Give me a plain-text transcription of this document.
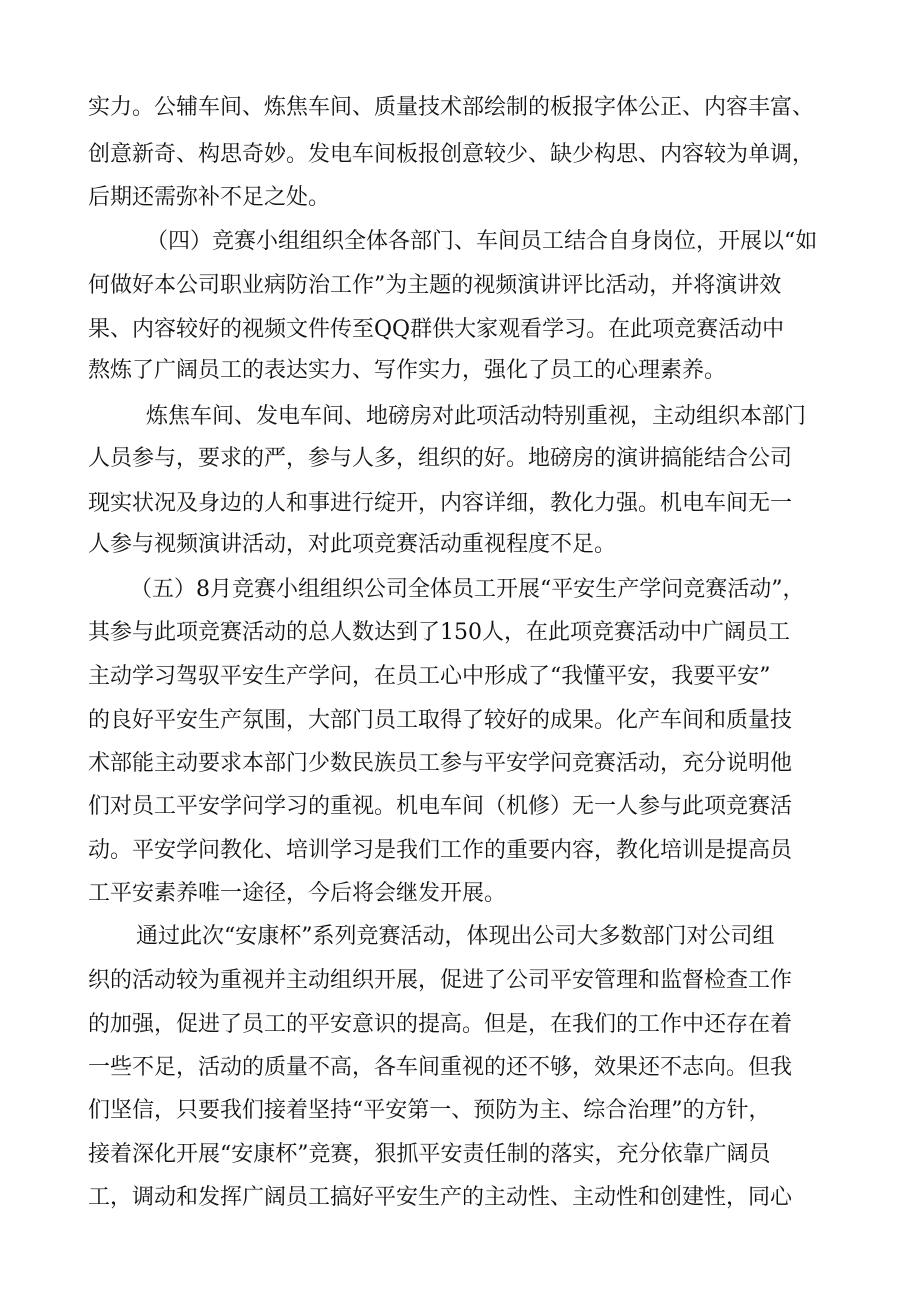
实力。公辅车间、炼焦车间、质量技术部绘制的板报字体公正、内容丰富、
创意新奇、构思奇妙。发电车间板报创意较少、缺少构思、内容较为单调，
后期还需弥补不足之处。
（四）竞赛小组组织全体各部门、车间员工结合自身岗位，开展以“如
何做好本公司职业病防治工作”为主题的视频演讲评比活动，并将演讲效
果、内容较好的视频文件传至QQ群供大家观看学习。在此项竞赛活动中
熬炼了广阔员工的表达实力、写作实力，强化了员工的心理素养。
炼焦车间、发电车间、地磅房对此项活动特别重视，主动组织本部门
人员参与，要求的严，参与人多，组织的好。地磅房的演讲搞能结合公司
现实状况及身边的人和事进行绽开，内容详细，教化力强。机电车间无一
人参与视频演讲活动，对此项竞赛活动重视程度不足。
（五）8月竞赛小组组织公司全体员工开展“平安生产学问竞赛活动”，
其参与此项竞赛活动的总人数达到了150人，在此项竞赛活动中广阔员工
主动学习驾驭平安生产学问，在员工心中形成了“我懂平安，我要平安”
的良好平安生产氛围，大部门员工取得了较好的成果。化产车间和质量技
术部能主动要求本部门少数民族员工参与平安学问竞赛活动，充分说明他
们对员工平安学问学习的重视。机电车间（机修）无一人参与此项竞赛活
动。平安学问教化、培训学习是我们工作的重要内容，教化培训是提高员
工平安素养唯一途径，今后将会继发开展。
通过此次“安康杯”系列竞赛活动，体现出公司大多数部门对公司组
织的活动较为重视并主动组织开展，促进了公司平安管理和监督检查工作
的加强，促进了员工的平安意识的提高。但是，在我们的工作中还存在着
一些不足，活动的质量不高，各车间重视的还不够，效果还不志向。但我
们坚信，只要我们接着坚持“平安第一、预防为主、综合治理”的方针，
接着深化开展“安康杯”竞赛，狠抓平安责任制的落实，充分依靠广阔员
工，调动和发挥广阔员工搞好平安生产的主动性、主动性和创建性，同心
